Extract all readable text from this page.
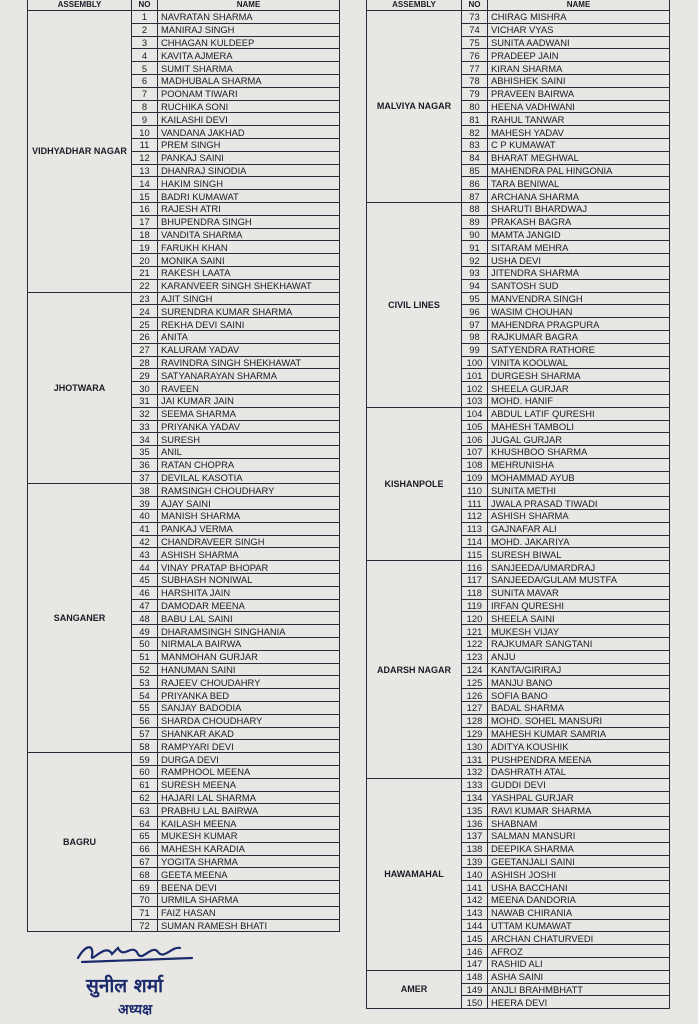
ASSEMBLY	NO	NAME
VIDHYADHAR NAGAR	1	NAVRATAN SHARMA
	2	MANIRAJ SINGH
	3	CHHAGAN KULDEEP
	4	KAVITA AJMERA
	5	SUMIT SHARMA
	6	MADHUBALA SHARMA
	7	POONAM TIWARI
	8	RUCHIKA SONI
	9	KAILASHI DEVI
	10	VANDANA JAKHAD
	11	PREM SINGH
	12	PANKAJ SAINI
	13	DHANRAJ SINODIA
	14	HAKIM SINGH
	15	BADRI KUMAWAT
	16	RAJESH ATRI
	17	BHUPENDRA SINGH
	18	VANDITA SHARMA
	19	FARUKH KHAN
	20	MONIKA SAINI
	21	RAKESH LAATA
	22	KARANVEER SINGH SHEKHAWAT
JHOTWARA	23	AJIT SINGH
	24	SURENDRA KUMAR SHARMA
	25	REKHA DEVI SAINI
	26	ANITA
	27	KALURAM YADAV
	28	RAVINDRA SINGH SHEKHAWAT
	29	SATYANARAYAN SHARMA
	30	RAVEEN
	31	JAI KUMAR JAIN
	32	SEEMA SHARMA
	33	PRIYANKA YADAV
	34	SURESH
	35	ANIL
	36	RATAN CHOPRA
	37	DEVILAL KASOTIA
SANGANER	38	RAMSINGH CHOUDHARY
	39	AJAY SAINI
	40	MANISH SHARMA
	41	PANKAJ VERMA
	42	CHANDRAVEER SINGH
	43	ASHISH SHARMA
	44	VINAY PRATAP BHOPAR
	45	SUBHASH NONIWAL
	46	HARSHITA JAIN
	47	DAMODAR MEENA
	48	BABU LAL SAINI
	49	DHARAMSINGH SINGHANIA
	50	NIRMALA BAIRWA
	51	MANMOHAN GURJAR
	52	HANUMAN SAINI
	53	RAJEEV CHOUDAHRY
	54	PRIYANKA BED
	55	SANJAY BADODIA
	56	SHARDA CHOUDHARY
	57	SHANKAR AKAD
	58	RAMPYARI DEVI
BAGRU	59	DURGA DEVI
	60	RAMPHOOL MEENA
	61	SURESH MEENA
	62	HAJARI LAL SHARMA
	63	PRABHU LAL BAIRWA
	64	KAILASH MEENA
	65	MUKESH KUMAR
	66	MAHESH KARADIA
	67	YOGITA SHARMA
	68	GEETA MEENA
	69	BEENA DEVI
	70	URMILA SHARMA
	71	FAIZ HASAN
	72	SUMAN RAMESH BHATI
ASSEMBLY	NO	NAME
MALVIYA NAGAR	73	CHIRAG MISHRA
	74	VICHAR VYAS
	75	SUNITA AADWANI
	76	PRADEEP JAIN
	77	KIRAN SHARMA
	78	ABHISHEK SAINI
	79	PRAVEEN BAIRWA
	80	HEENA VADHWANI
	81	RAHUL TANWAR
	82	MAHESH YADAV
	83	C P KUMAWAT
	84	BHARAT MEGHWAL
	85	MAHENDRA PAL HINGONIA
	86	TARA BENIWAL
	87	ARCHANA SHARMA
CIVIL LINES	88	SHARUTI BHARDWAJ
	89	PRAKASH BAGRA
	90	MAMTA JANGID
	91	SITARAM MEHRA
	92	USHA DEVI
	93	JITENDRA SHARMA
	94	SANTOSH SUD
	95	MANVENDRA SINGH
	96	WASIM CHOUHAN
	97	MAHENDRA PRAGPURA
	98	RAJKUMAR BAGRA
	99	SATYENDRA RATHORE
	100	VINITA KOOLWAL
	101	DURGESH SHARMA
	102	SHEELA GURJAR
	103	MOHD. HANIF
KISHANPOLE	104	ABDUL LATIF QURESHI
	105	MAHESH TAMBOLI
	106	JUGAL GURJAR
	107	KHUSHBOO SHARMA
	108	MEHRUNISHA
	109	MOHAMMAD AYUB
	110	SUNITA METHI
	111	JWALA PRASAD TIWADI
	112	ASHISH SHARMA
	113	GAJNAFAR ALI
	114	MOHD. JAKARIYA
	115	SURESH BIWAL
ADARSH NAGAR	116	SANJEEDA/UMARDRAJ
	117	SANJEEDA/GULAM MUSTFA
	118	SUNITA MAVAR
	119	IRFAN QURESHI
	120	SHEELA SAINI
	121	MUKESH VIJAY
	122	RAJKUMAR SANGTANI
	123	ANJU
	124	KANTA/GIRIRAJ
	125	MANJU BANO
	126	SOFIA BANO
	127	BADAL SHARMA
	128	MOHD. SOHEL MANSURI
	129	MAHESH KUMAR SAMRIA
	130	ADITYA KOUSHIK
	131	PUSHPENDRA MEENA
	132	DASHRATH ATAL
HAWAMAHAL	133	GUDDI DEVI
	134	YASHPAL GURJAR
	135	RAVI KUMAR SHARMA
	136	SHABNAM
	137	SALMAN MANSURI
	138	DEEPIKA SHARMA
	139	GEETANJALI SAINI
	140	ASHISH JOSHI
	141	USHA BACCHANI
	142	MEENA DANDORIA
	143	NAWAB CHIRANIA
	144	UTTAM KUMAWAT
	145	ARCHAN CHATURVEDI
	146	AFROZ
	147	RASHID ALI
AMER	148	ASHA SAINI
	149	ANJLI BRAHMBHATT
	150	HEERA DEVI
सुनील शर्मा
अध्यक्ष
